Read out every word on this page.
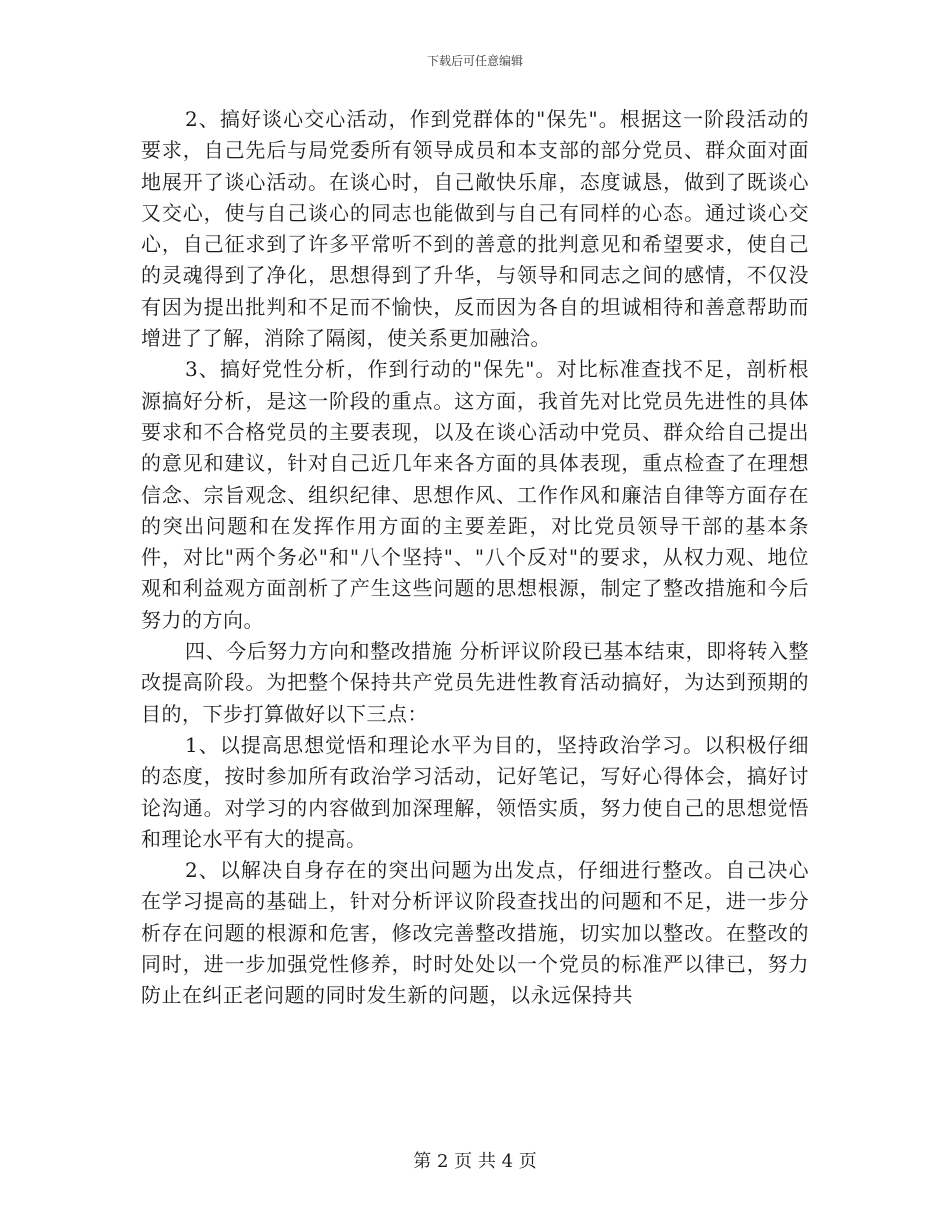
下载后可任意编辑

2、搞好谈心交心活动，作到党群体的"保先"。根据这一阶段活动的要求，自己先后与局党委所有领导成员和本支部的部分党员、群众面对面地展开了谈心活动。在谈心时，自己敞快乐扉，态度诚恳，做到了既谈心又交心，使与自己谈心的同志也能做到与自己有同样的心态。通过谈心交心，自己征求到了许多平常听不到的善意的批判意见和希望要求，使自己的灵魂得到了净化，思想得到了升华，与领导和同志之间的感情，不仅没有因为提出批判和不足而不愉快，反而因为各自的坦诚相待和善意帮助而增进了了解，消除了隔阂，使关系更加融洽。

3、搞好党性分析，作到行动的"保先"。对比标准查找不足，剖析根源搞好分析，是这一阶段的重点。这方面，我首先对比党员先进性的具体要求和不合格党员的主要表现，以及在谈心活动中党员、群众给自己提出的意见和建议，针对自己近几年来各方面的具体表现，重点检查了在理想信念、宗旨观念、组织纪律、思想作风、工作作风和廉洁自律等方面存在的突出问题和在发挥作用方面的主要差距，对比党员领导干部的基本条件，对比"两个务必"和"八个坚持"、"八个反对"的要求，从权力观、地位观和利益观方面剖析了产生这些问题的思想根源，制定了整改措施和今后努力的方向。

四、今后努力方向和整改措施 分析评议阶段已基本结束，即将转入整改提高阶段。为把整个保持共产党员先进性教育活动搞好，为达到预期的目的，下步打算做好以下三点：

1、以提高思想觉悟和理论水平为目的，坚持政治学习。以积极仔细的态度，按时参加所有政治学习活动，记好笔记，写好心得体会，搞好讨论沟通。对学习的内容做到加深理解，领悟实质，努力使自己的思想觉悟和理论水平有大的提高。

2、以解决自身存在的突出问题为出发点，仔细进行整改。自己决心在学习提高的基础上，针对分析评议阶段查找出的问题和不足，进一步分析存在问题的根源和危害，修改完善整改措施，切实加以整改。在整改的同时，进一步加强党性修养，时时处处以一个党员的标准严以律已，努力防止在纠正老问题的同时发生新的问题，以永远保持共

第 2 页 共 4 页
